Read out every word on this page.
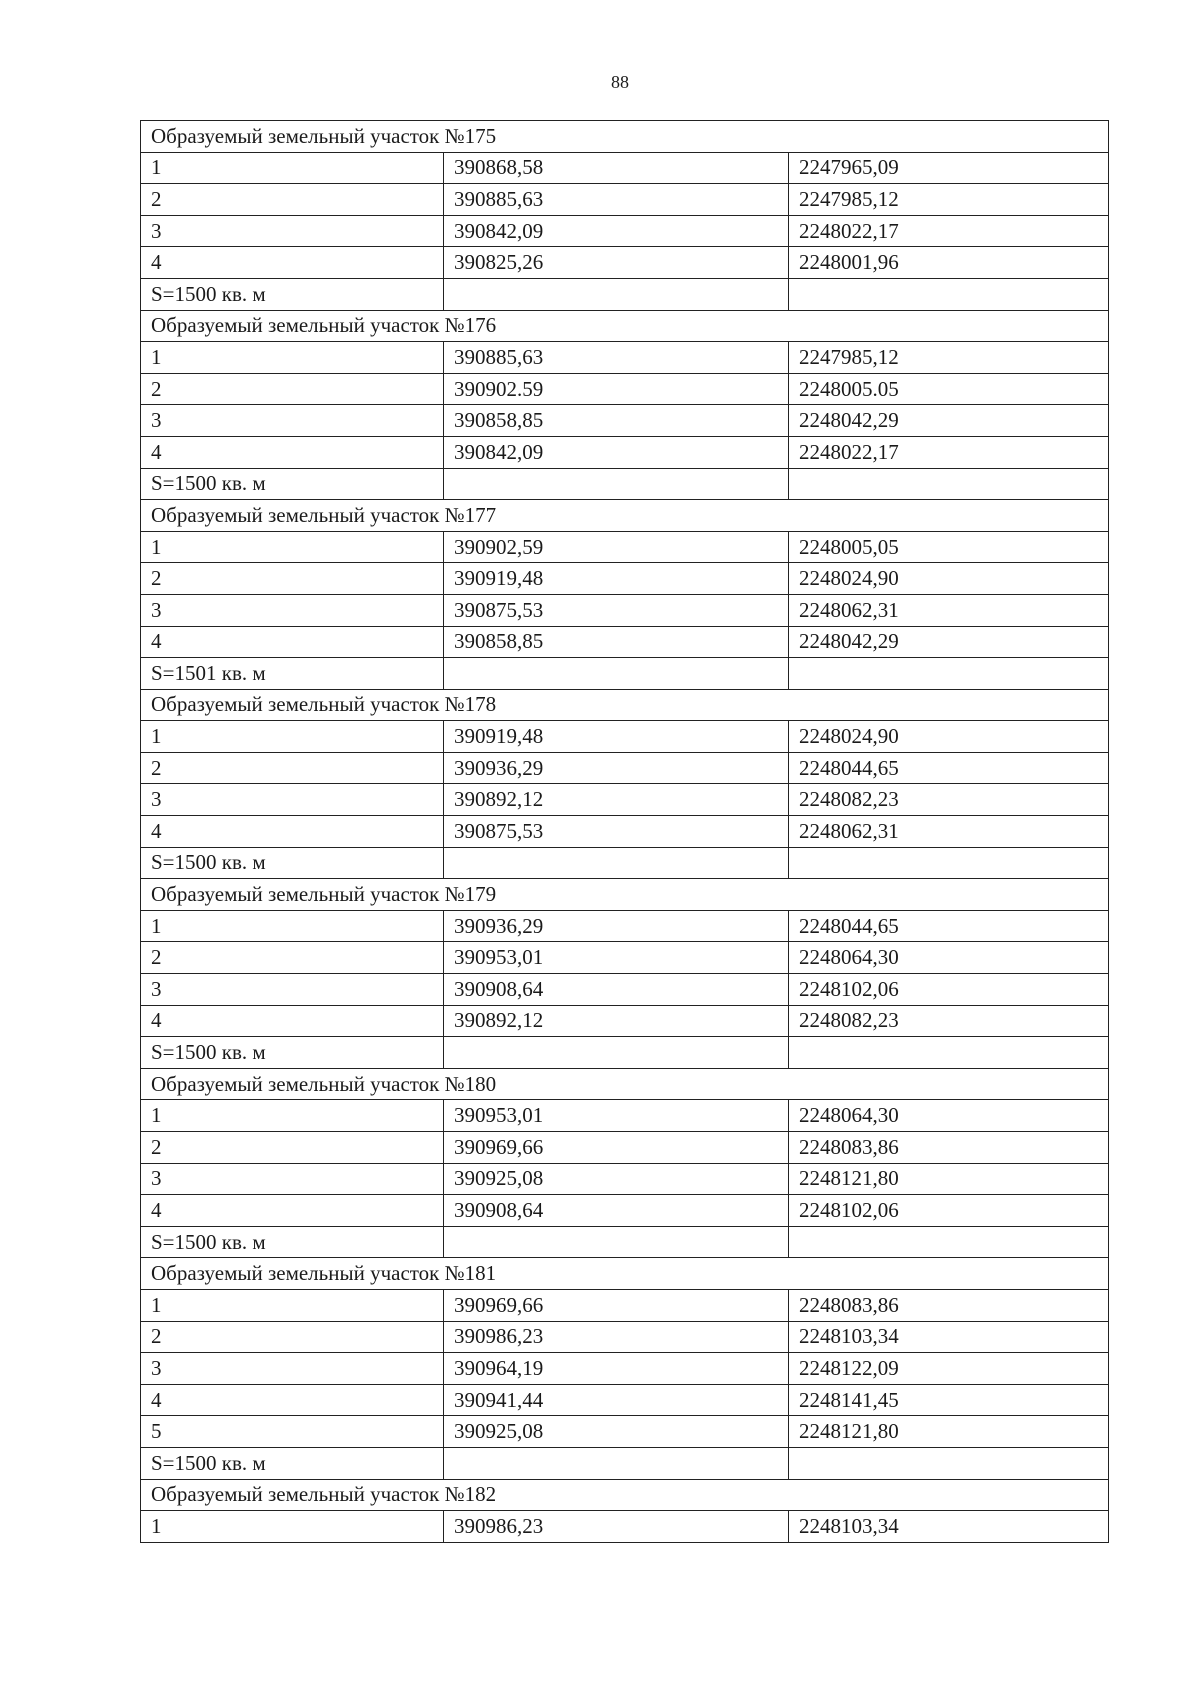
88
Образуемый земельный участок №175		
1	390868,58	2247965,09
2	390885,63	2247985,12
3	390842,09	2248022,17
4	390825,26	2248001,96
S=1500 кв. м		
Образуемый земельный участок №176		
1	390885,63	2247985,12
2	390902.59	2248005.05
3	390858,85	2248042,29
4	390842,09	2248022,17
S=1500 кв. м		
Образуемый земельный участок №177		
1	390902,59	2248005,05
2	390919,48	2248024,90
3	390875,53	2248062,31
4	390858,85	2248042,29
S=1501 кв. м		
Образуемый земельный участок №178		
1	390919,48	2248024,90
2	390936,29	2248044,65
3	390892,12	2248082,23
4	390875,53	2248062,31
S=1500 кв. м		
Образуемый земельный участок №179		
1	390936,29	2248044,65
2	390953,01	2248064,30
3	390908,64	2248102,06
4	390892,12	2248082,23
S=1500 кв. м		
Образуемый земельный участок №180		
1	390953,01	2248064,30
2	390969,66	2248083,86
3	390925,08	2248121,80
4	390908,64	2248102,06
S=1500 кв. м		
Образуемый земельный участок №181		
1	390969,66	2248083,86
2	390986,23	2248103,34
3	390964,19	2248122,09
4	390941,44	2248141,45
5	390925,08	2248121,80
S=1500 кв. м		
Образуемый земельный участок №182		
1	390986,23	2248103,34
